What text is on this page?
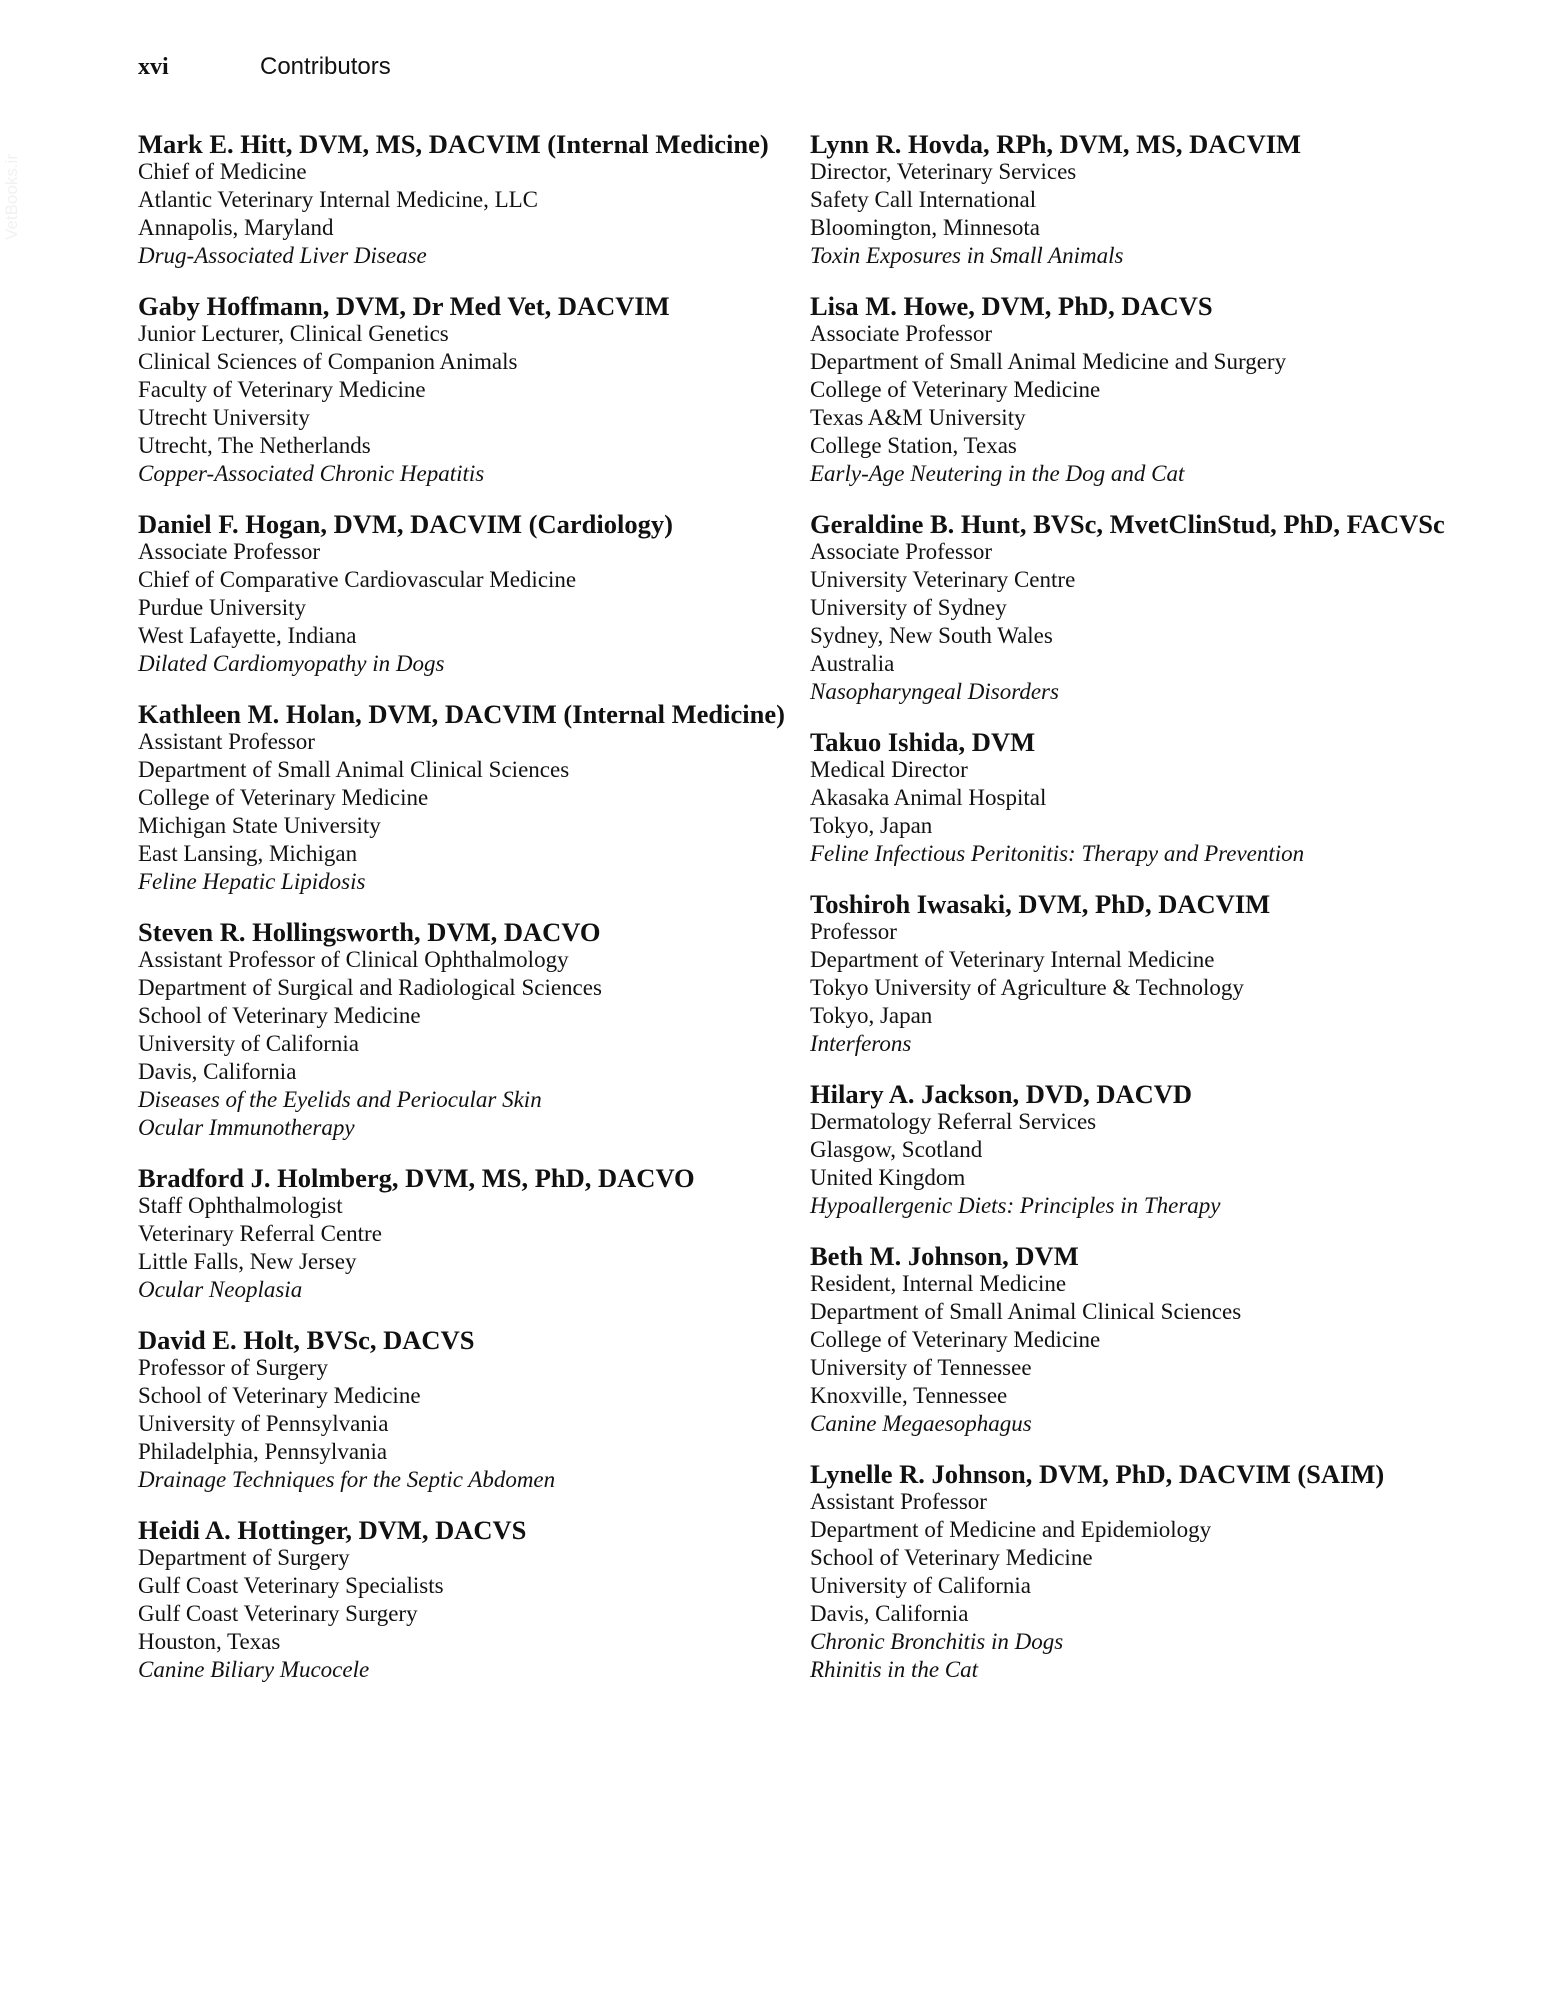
xvi	Contributors
VetBooks.ir
Mark E. Hitt, DVM, MS, DACVIM (Internal Medicine)
Chief of Medicine
Atlantic Veterinary Internal Medicine, LLC
Annapolis, Maryland
Drug-Associated Liver Disease
Gaby Hoffmann, DVM, Dr Med Vet, DACVIM
Junior Lecturer, Clinical Genetics
Clinical Sciences of Companion Animals
Faculty of Veterinary Medicine
Utrecht University
Utrecht, The Netherlands
Copper-Associated Chronic Hepatitis
Daniel F. Hogan, DVM, DACVIM (Cardiology)
Associate Professor
Chief of Comparative Cardiovascular Medicine
Purdue University
West Lafayette, Indiana
Dilated Cardiomyopathy in Dogs
Kathleen M. Holan, DVM, DACVIM (Internal Medicine)
Assistant Professor
Department of Small Animal Clinical Sciences
College of Veterinary Medicine
Michigan State University
East Lansing, Michigan
Feline Hepatic Lipidosis
Steven R. Hollingsworth, DVM, DACVO
Assistant Professor of Clinical Ophthalmology
Department of Surgical and Radiological Sciences
School of Veterinary Medicine
University of California
Davis, California
Diseases of the Eyelids and Periocular Skin
Ocular Immunotherapy
Bradford J. Holmberg, DVM, MS, PhD, DACVO
Staff Ophthalmologist
Veterinary Referral Centre
Little Falls, New Jersey
Ocular Neoplasia
David E. Holt, BVSc, DACVS
Professor of Surgery
School of Veterinary Medicine
University of Pennsylvania
Philadelphia, Pennsylvania
Drainage Techniques for the Septic Abdomen
Heidi A. Hottinger, DVM, DACVS
Department of Surgery
Gulf Coast Veterinary Specialists
Gulf Coast Veterinary Surgery
Houston, Texas
Canine Biliary Mucocele
Lynn R. Hovda, RPh, DVM, MS, DACVIM
Director, Veterinary Services
Safety Call International
Bloomington, Minnesota
Toxin Exposures in Small Animals
Lisa M. Howe, DVM, PhD, DACVS
Associate Professor
Department of Small Animal Medicine and Surgery
College of Veterinary Medicine
Texas A&M University
College Station, Texas
Early-Age Neutering in the Dog and Cat
Geraldine B. Hunt, BVSc, MvetClinStud, PhD, FACVSc
Associate Professor
University Veterinary Centre
University of Sydney
Sydney, New South Wales
Australia
Nasopharyngeal Disorders
Takuo Ishida, DVM
Medical Director
Akasaka Animal Hospital
Tokyo, Japan
Feline Infectious Peritonitis: Therapy and Prevention
Toshiroh Iwasaki, DVM, PhD, DACVIM
Professor
Department of Veterinary Internal Medicine
Tokyo University of Agriculture & Technology
Tokyo, Japan
Interferons
Hilary A. Jackson, DVD, DACVD
Dermatology Referral Services
Glasgow, Scotland
United Kingdom
Hypoallergenic Diets: Principles in Therapy
Beth M. Johnson, DVM
Resident, Internal Medicine
Department of Small Animal Clinical Sciences
College of Veterinary Medicine
University of Tennessee
Knoxville, Tennessee
Canine Megaesophagus
Lynelle R. Johnson, DVM, PhD, DACVIM (SAIM)
Assistant Professor
Department of Medicine and Epidemiology
School of Veterinary Medicine
University of California
Davis, California
Chronic Bronchitis in Dogs
Rhinitis in the Cat
